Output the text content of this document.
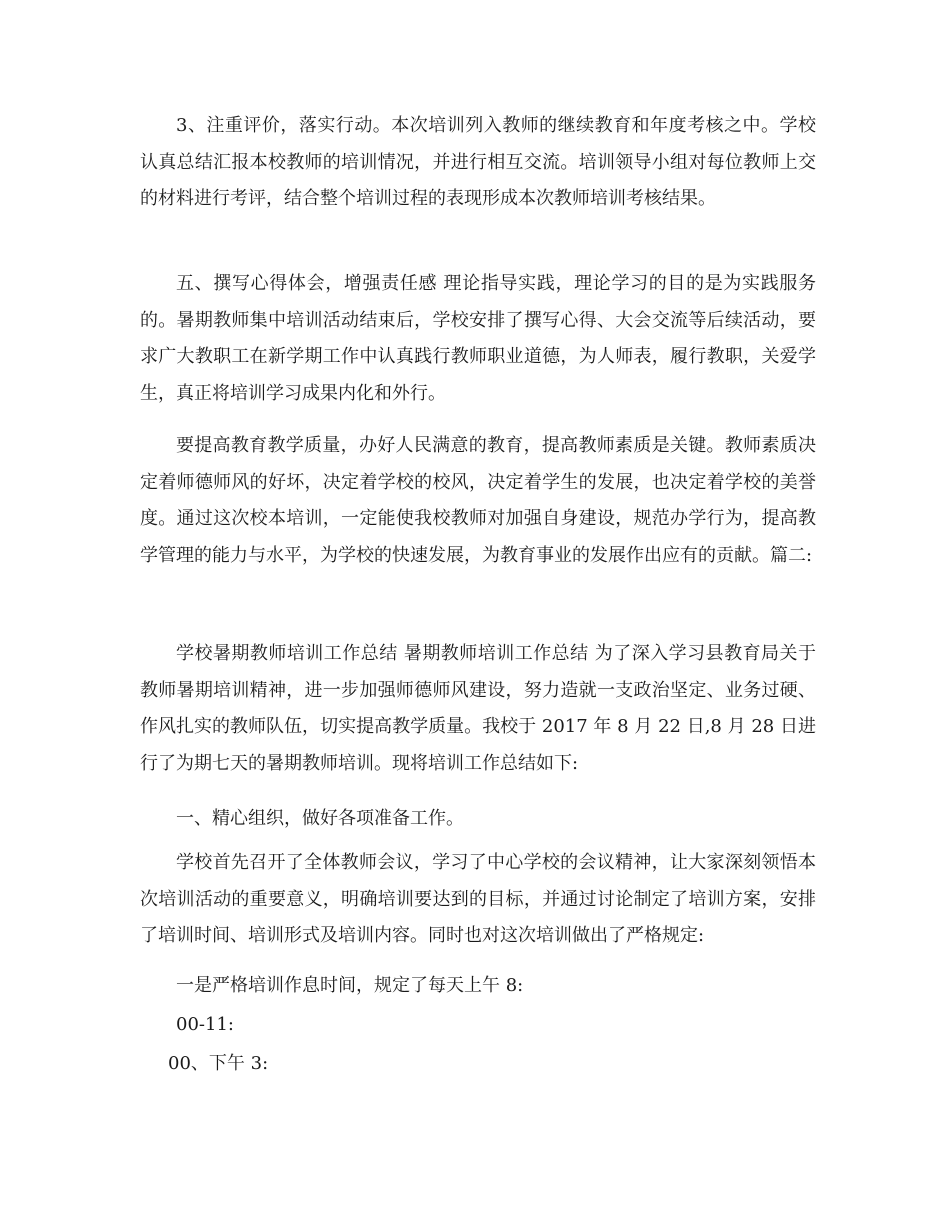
3、注重评价，落实行动。本次培训列入教师的继续教育和年度考核之中。学校认真总结汇报本校教师的培训情况，并进行相互交流。培训领导小组对每位教师上交的材料进行考评，结合整个培训过程的表现形成本次教师培训考核结果。

五、撰写心得体会，增强责任感 理论指导实践，理论学习的目的是为实践服务的。暑期教师集中培训活动结束后，学校安排了撰写心得、大会交流等后续活动，要求广大教职工在新学期工作中认真践行教师职业道德，为人师表，履行教职，关爱学生，真正将培训学习成果内化和外行。

要提高教育教学质量，办好人民满意的教育，提高教师素质是关键。教师素质决定着师德师风的好坏，决定着学校的校风，决定着学生的发展，也决定着学校的美誉度。通过这次校本培训，一定能使我校教师对加强自身建设，规范办学行为，提高教学管理的能力与水平，为学校的快速发展，为教育事业的发展作出应有的贡献。篇二:

学校暑期教师培训工作总结 暑期教师培训工作总结 为了深入学习县教育局关于教师暑期培训精神，进一步加强师德师风建设，努力造就一支政治坚定、业务过硬、作风扎实的教师队伍，切实提高教学质量。我校于 2017 年 8 月 22 日,8 月 28 日进行了为期七天的暑期教师培训。现将培训工作总结如下:

一、精心组织，做好各项准备工作。

学校首先召开了全体教师会议，学习了中心学校的会议精神，让大家深刻领悟本次培训活动的重要意义，明确培训要达到的目标，并通过讨论制定了培训方案，安排了培训时间、培训形式及培训内容。同时也对这次培训做出了严格规定:

一是严格培训作息时间，规定了每天上午 8:

00-11:

00、下午 3:
